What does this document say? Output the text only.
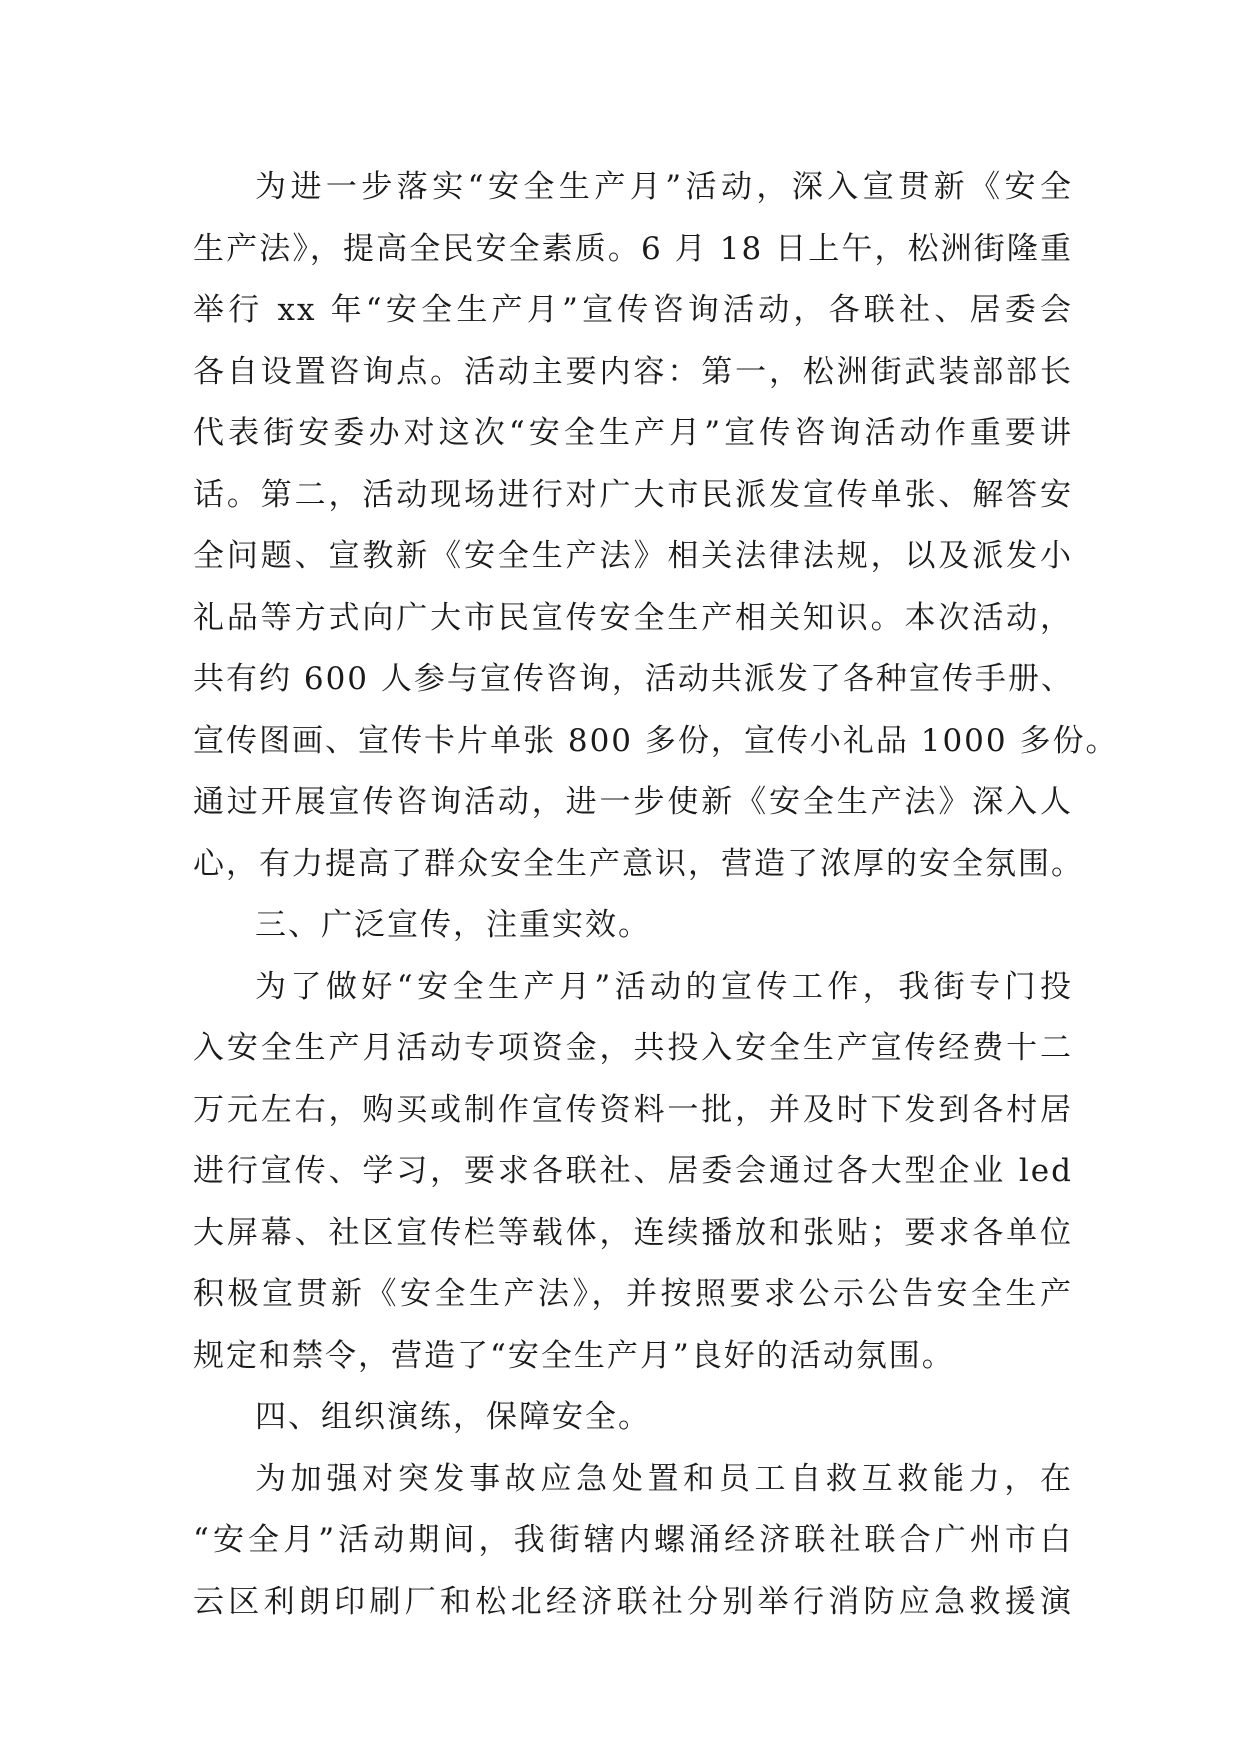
为进一步落实“安全生产月”活动，深入宣贯新《安全
生产法》，提高全民安全素质。6 月 18 日上午，松洲街隆重
举行 xx 年“安全生产月”宣传咨询活动，各联社、居委会
各自设置咨询点。活动主要内容：第一，松洲街武装部部长
代表街安委办对这次“安全生产月”宣传咨询活动作重要讲
话。第二，活动现场进行对广大市民派发宣传单张、解答安
全问题、宣教新《安全生产法》相关法律法规，以及派发小
礼品等方式向广大市民宣传安全生产相关知识。本次活动，
共有约 600 人参与宣传咨询，活动共派发了各种宣传手册、
宣传图画、宣传卡片单张 800 多份，宣传小礼品 1000 多份。
通过开展宣传咨询活动，进一步使新《安全生产法》深入人
心，有力提高了群众安全生产意识，营造了浓厚的安全氛围。
三、广泛宣传，注重实效。
为了做好“安全生产月”活动的宣传工作，我街专门投
入安全生产月活动专项资金，共投入安全生产宣传经费十二
万元左右，购买或制作宣传资料一批，并及时下发到各村居
进行宣传、学习，要求各联社、居委会通过各大型企业 led
大屏幕、社区宣传栏等载体，连续播放和张贴；要求各单位
积极宣贯新《安全生产法》，并按照要求公示公告安全生产
规定和禁令，营造了“安全生产月”良好的活动氛围。
四、组织演练，保障安全。
为加强对突发事故应急处置和员工自救互救能力，在
“安全月”活动期间，我街辖内螺涌经济联社联合广州市白
云区利朗印刷厂和松北经济联社分别举行消防应急救援演
